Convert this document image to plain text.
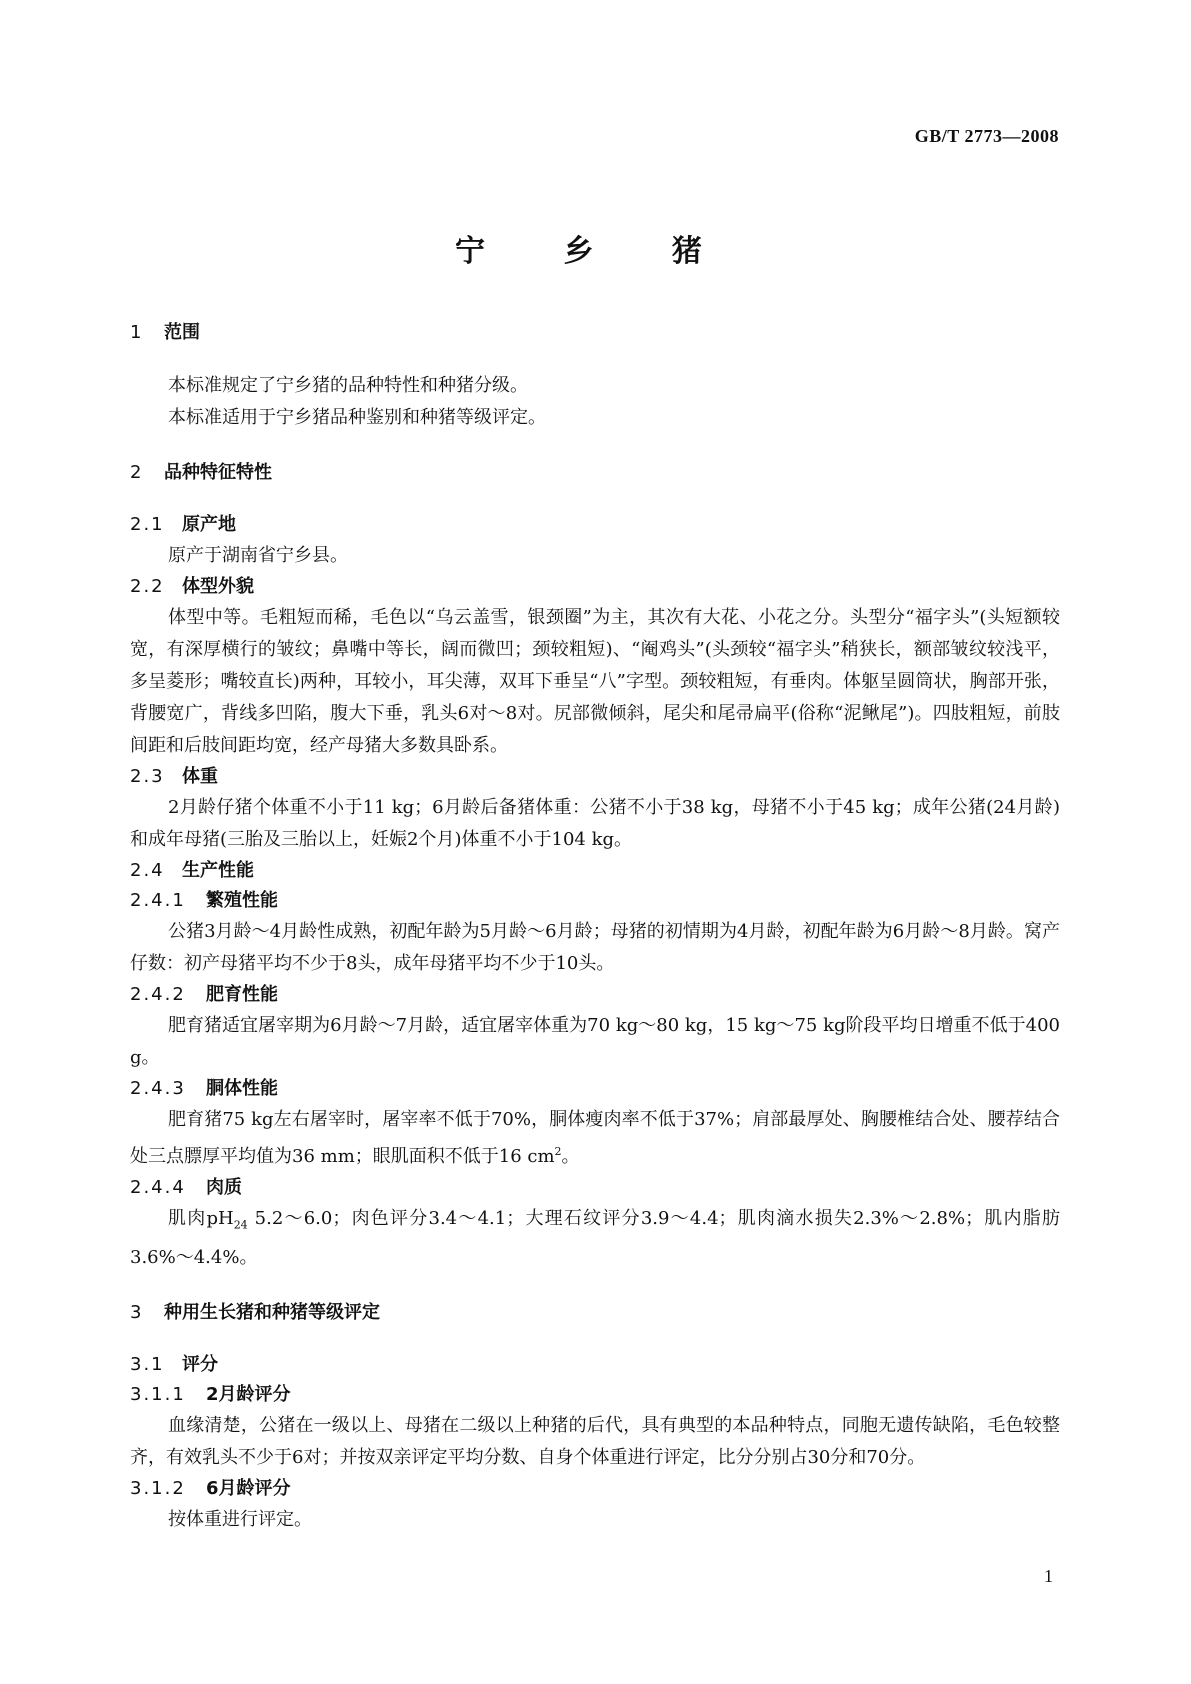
GB/T 2773—2008
宁 乡 猪
1 范围

本标准规定了宁乡猪的品种特性和种猪分级。

本标准适用于宁乡猪品种鉴别和种猪等级评定。

2 品种特征特性
2.1 原产地

原产于湖南省宁乡县。

2.2 体型外貌

体型中等。毛粗短而稀，毛色以“乌云盖雪，银颈圈”为主，其次有大花、小花之分。头型分“福字头”(头短额较宽，有深厚横行的皱纹；鼻嘴中等长，阔而微凹；颈较粗短)、“阉鸡头”(头颈较“福字头”稍狭长，额部皱纹较浅平，多呈菱形；嘴较直长)两种，耳较小，耳尖薄，双耳下垂呈“八”字型。颈较粗短，有垂肉。体躯呈圆筒状，胸部开张，背腰宽广，背线多凹陷，腹大下垂，乳头6对～8对。尻部微倾斜，尾尖和尾帚扁平(俗称“泥鳅尾”)。四肢粗短，前肢间距和后肢间距均宽，经产母猪大多数具卧系。

2.3 体重

2月龄仔猪个体重不小于11 kg；6月龄后备猪体重：公猪不小于38 kg，母猪不小于45 kg；成年公猪(24月龄)和成年母猪(三胎及三胎以上，妊娠2个月)体重不小于104 kg。

2.4 生产性能
2.4.1 繁殖性能

公猪3月龄～4月龄性成熟，初配年龄为5月龄～6月龄；母猪的初情期为4月龄，初配年龄为6月龄～8月龄。窝产仔数：初产母猪平均不少于8头，成年母猪平均不少于10头。

2.4.2 肥育性能

肥育猪适宜屠宰期为6月龄～7月龄，适宜屠宰体重为70 kg～80 kg，15 kg～75 kg阶段平均日增重不低于400 g。

2.4.3 胴体性能

肥育猪75 kg左右屠宰时，屠宰率不低于70%，胴体瘦肉率不低于37%；肩部最厚处、胸腰椎结合处、腰荐结合处三点膘厚平均值为36 mm；眼肌面积不低于16 $cm^2$。

2.4.4 肉质

肌肉$pH_{24}$ 5.2～6.0；肉色评分3.4～4.1；大理石纹评分3.9～4.4；肌肉滴水损失2.3%～2.8%；肌内脂肪3.6%～4.4%。

3 种用生长猪和种猪等级评定
3.1 评分
3.1.1 2月龄评分

血缘清楚，公猪在一级以上、母猪在二级以上种猪的后代，具有典型的本品种特点，同胞无遗传缺陷，毛色较整齐，有效乳头不少于6对；并按双亲评定平均分数、自身个体重进行评定，比分分别占30分和70分。

3.1.2 6月龄评分

按体重进行评定。

1
